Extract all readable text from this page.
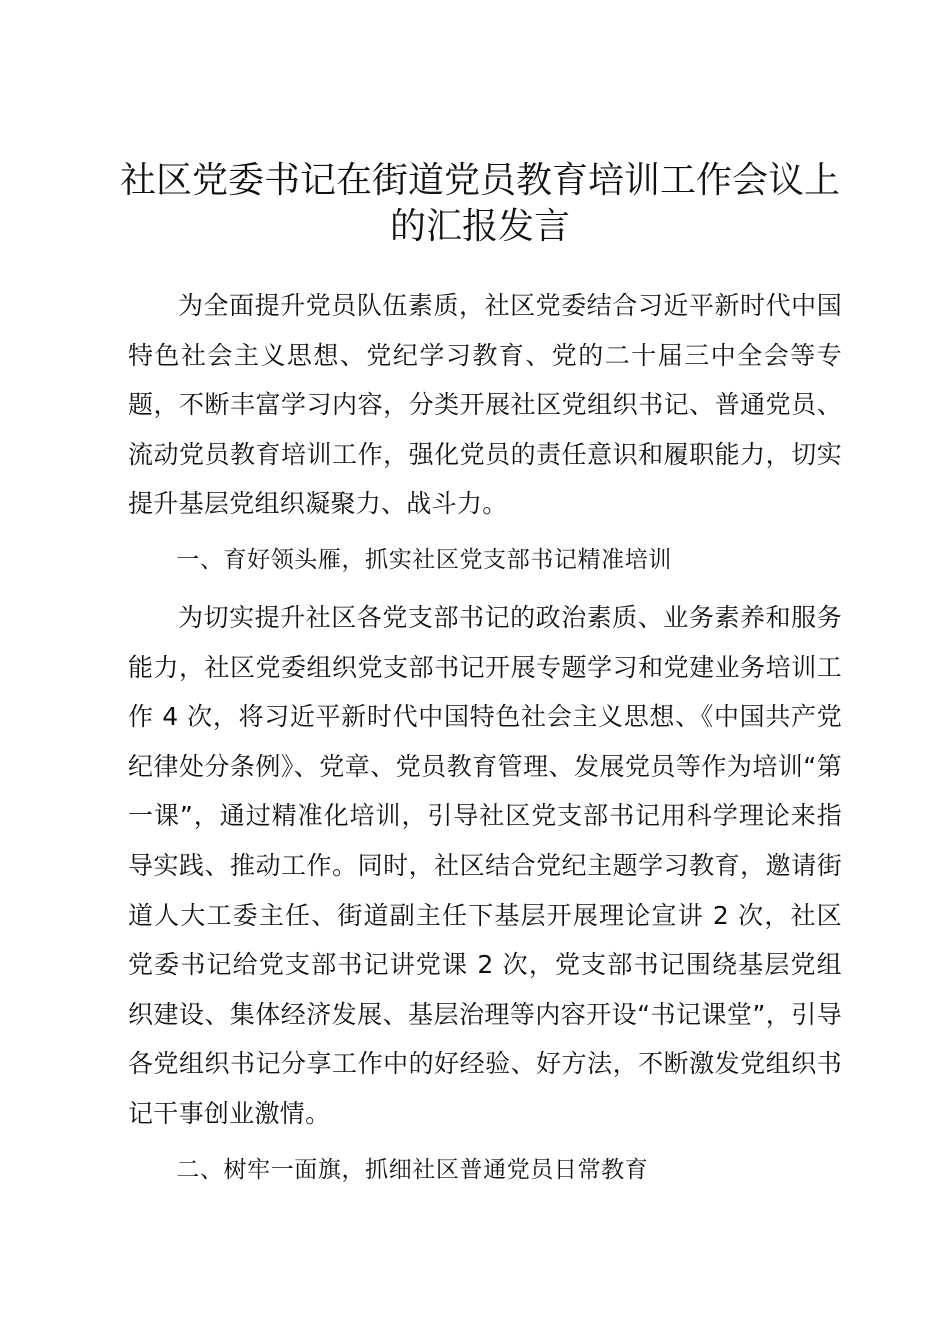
社区党委书记在街道党员教育培训工作会议上的汇报发言

为全面提升党员队伍素质，社区党委结合习近平新时代中国特色社会主义思想、党纪学习教育、党的二十届三中全会等专题，不断丰富学习内容，分类开展社区党组织书记、普通党员、流动党员教育培训工作，强化党员的责任意识和履职能力，切实提升基层党组织凝聚力、战斗力。

一、育好领头雁，抓实社区党支部书记精准培训

为切实提升社区各党支部书记的政治素质、业务素养和服务能力，社区党委组织党支部书记开展专题学习和党建业务培训工作 4 次，将习近平新时代中国特色社会主义思想、《中国共产党纪律处分条例》、党章、党员教育管理、发展党员等作为培训“第一课”，通过精准化培训，引导社区党支部书记用科学理论来指导实践、推动工作。同时，社区结合党纪主题学习教育，邀请街道人大工委主任、街道副主任下基层开展理论宣讲 2 次，社区党委书记给党支部书记讲党课 2 次，党支部书记围绕基层党组织建设、集体经济发展、基层治理等内容开设“书记课堂”，引导各党组织书记分享工作中的好经验、好方法，不断激发党组织书记干事创业激情。

二、树牢一面旗，抓细社区普通党员日常教育
